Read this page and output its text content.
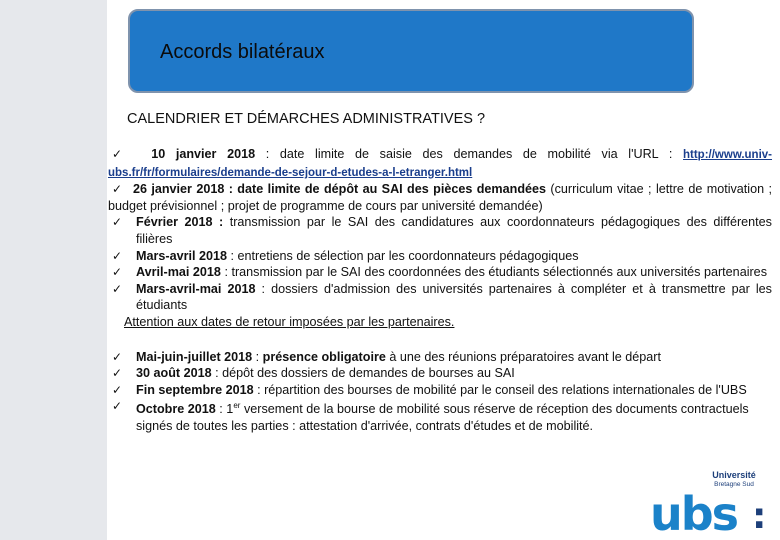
Accords bilatéraux
CALENDRIER ET DÉMARCHES ADMINISTRATIVES ?
✓ 10 janvier 2018 : date limite de saisie des demandes de mobilité via l'URL : http://www.univ-ubs.fr/fr/formulaires/demande-de-sejour-d-etudes-a-l-etranger.html
✓ 26 janvier 2018 : date limite de dépôt au SAI des pièces demandées (curriculum vitae ; lettre de motivation ; budget prévisionnel ; projet de programme de cours par université demandée)
✓ Février 2018 : transmission par le SAI des candidatures aux coordonnateurs pédagogiques des différentes filières
✓ Mars-avril 2018 : entretiens de sélection par les coordonnateurs pédagogiques
✓ Avril-mai 2018 : transmission par le SAI des coordonnées des étudiants sélectionnés aux universités partenaires
✓ Mars-avril-mai 2018 : dossiers d'admission des universités partenaires à compléter et à transmettre par les étudiants
Attention aux dates de retour imposées par les partenaires.
✓ Mai-juin-juillet 2018 : présence obligatoire à une des réunions préparatoires avant le départ
✓ 30 août 2018 : dépôt des dossiers de demandes de bourses au SAI
✓ Fin septembre 2018 : répartition des bourses de mobilité par le conseil des relations internationales de l'UBS
✓ Octobre 2018 : 1er versement de la bourse de mobilité sous réserve de réception des documents contractuels signés de toutes les parties : attestation d'arrivée, contrats d'études et de mobilité.
Université
Bretagne Sud
ubs :
